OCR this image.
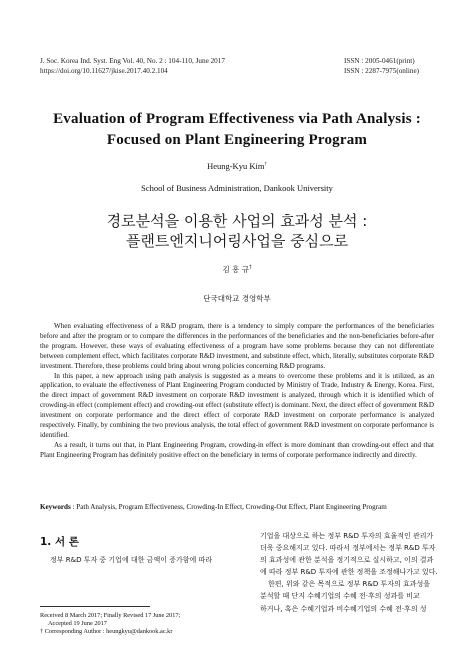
J. Soc. Korea Ind. Syst. Eng Vol. 40, No. 2 : 104-110, June 2017
https://doi.org/10.11627/jkise.2017.40.2.104
ISSN : 2005-0461(print)
ISSN : 2287-7975(online)
Evaluation of Program Effectiveness via Path Analysis :
Focused on Plant Engineering Program
Heung-Kyu Kim†
School of Business Administration, Dankook University
경로분석을 이용한 사업의 효과성 분석 :
플랜트엔지니어링사업을 중심으로
김 흥 규†
단국대학교 경영학부

When evaluating effectiveness of a R&D program, there is a tendency to simply compare the performances of the beneficiaries before and after the program or to compare the differences in the performances of the beneficiaries and the non-beneficiaries before-after the program. However, these ways of evaluating effectiveness of a program have some problems because they can not differentiate between complement effect, which facilitates corporate R&D investment, and substitute effect, which, literally, substitutes corporate R&D investment. Therefore, these problems could bring about wrong policies concerning R&D programs.

In this paper, a new approach using path analysis is suggested as a means to overcome these problems and it is utilized, as an application, to evaluate the effectiveness of Plant Engineering Program conducted by Ministry of Trade, Industry & Energy, Korea. First, the direct impact of government R&D investment on corporate R&D investment is analyzed, through which it is identified which of crowding-in effect (complement effect) and crowding-out effect (substitute effect) is dominant. Next, the direct effect of government R&D investment on corporate performance and the direct effect of corporate R&D investment on corporate performance is analyzed respectively. Finally, by combining the two previous analysis, the total effect of government R&D investment on corporate performance is identified.

As a result, it turns out that, in Plant Engineering Program, crowding-in effect is more dominant than crowding-out effect and that Plant Engineering Program has definitely positive effect on the beneficiary in terms of corporate performance indirectly and directly.

Keywords : Path Analysis, Program Effectiveness, Crowding-In Effect, Crowding-Out Effect, Plant Engineering Program
1. 서 론
정부 R&D 투자 중 기업에 대한 금액이 증가함에 따라
기업을 대상으로 하는 정부 R&D 투자의 효율적인 관리가
더욱 중요해지고 있다. 따라서 정부에서는 정부 R&D 투자
의 효과성에 관한 분석을 정기적으로 실시하고, 이의 결과
에 따라 정부 R&D 투자에 관한 정책을 조정해나가고 있다.
한편, 위와 같은 목적으로 정부 R&D 투자의 효과성을
분석할 때 단지 수혜기업의 수혜 전·후의 성과를 비교
하거나, 혹은 수혜기업과 비수혜기업의 수혜 전·후의 성
Received 8 March 2017; Finally Revised 17 June 2017;
Accepted 19 June 2017
† Corresponding Author : heungkyu@dankook.ac.kr
